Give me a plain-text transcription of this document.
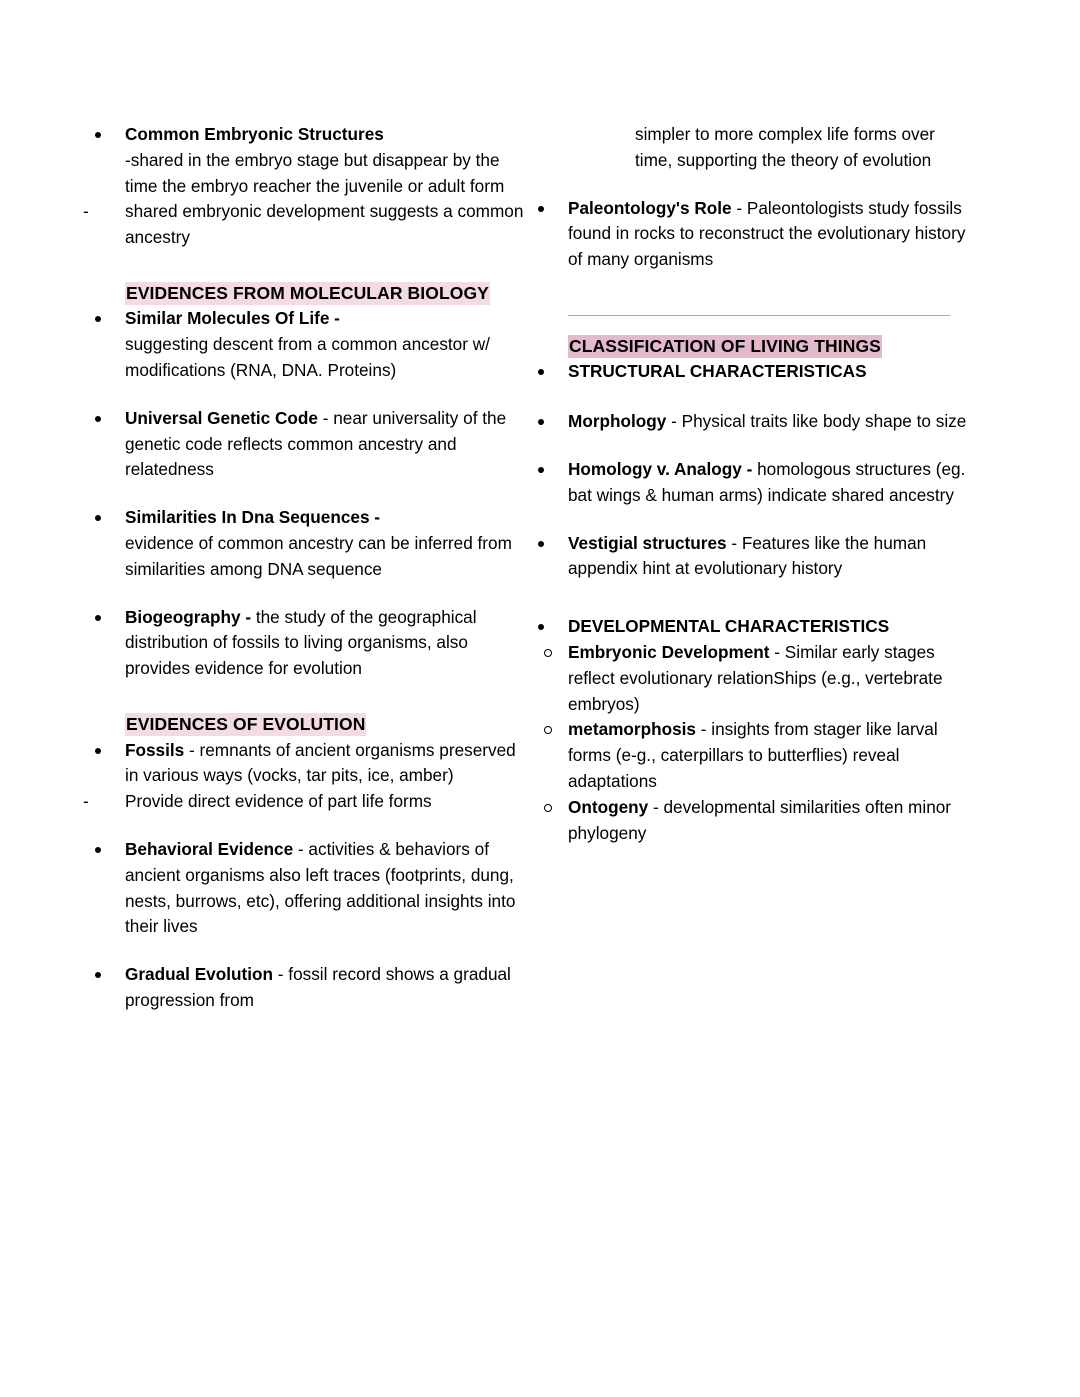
Common Embryonic Structures
-shared in the embryo stage but disappear by the time the embryo reacher the juvenile or adult form
- shared embryonic development suggests a common ancestry
EVIDENCES FROM MOLECULAR BIOLOGY
Similar Molecules Of Life -
suggesting descent from a common ancestor w/ modifications (RNA, DNA. Proteins)
Universal Genetic Code - near universality of the genetic code reflects common ancestry and relatedness
Similarities In Dna Sequences -
evidence of common ancestry can be inferred from similarities among DNA sequence
Biogeography - the study of the geographical distribution of fossils to living organisms, also provides evidence for evolution
EVIDENCES OF EVOLUTION
Fossils - remnants of ancient organisms preserved in various ways (vocks, tar pits, ice, amber)
- Provide direct evidence of part life forms
Behavioral Evidence - activities & behaviors of ancient organisms also left traces (footprints, dung, nests, burrows, etc), offering additional insights into their lives
Gradual Evolution - fossil record shows a gradual progression from
simpler to more complex life forms over time, supporting the theory of evolution
Paleontology's Role - Paleontologists study fossils found in rocks to reconstruct the evolutionary history of many organisms
CLASSIFICATION OF LIVING THINGS
STRUCTURAL CHARACTERISTICAS
Morphology - Physical traits like body shape to size
Homology v. Analogy - homologous structures (eg. bat wings & human arms) indicate shared ancestry
Vestigial structures - Features like the human appendix hint at evolutionary history
DEVELOPMENTAL CHARACTERISTICS
Embryonic Development - Similar early stages reflect evolutionary relationShips (e.g., vertebrate embryos)
metamorphosis - insights from stager like larval forms (e-g., caterpillars to butterflies) reveal adaptations
Ontogeny - developmental similarities often minor phylogeny
